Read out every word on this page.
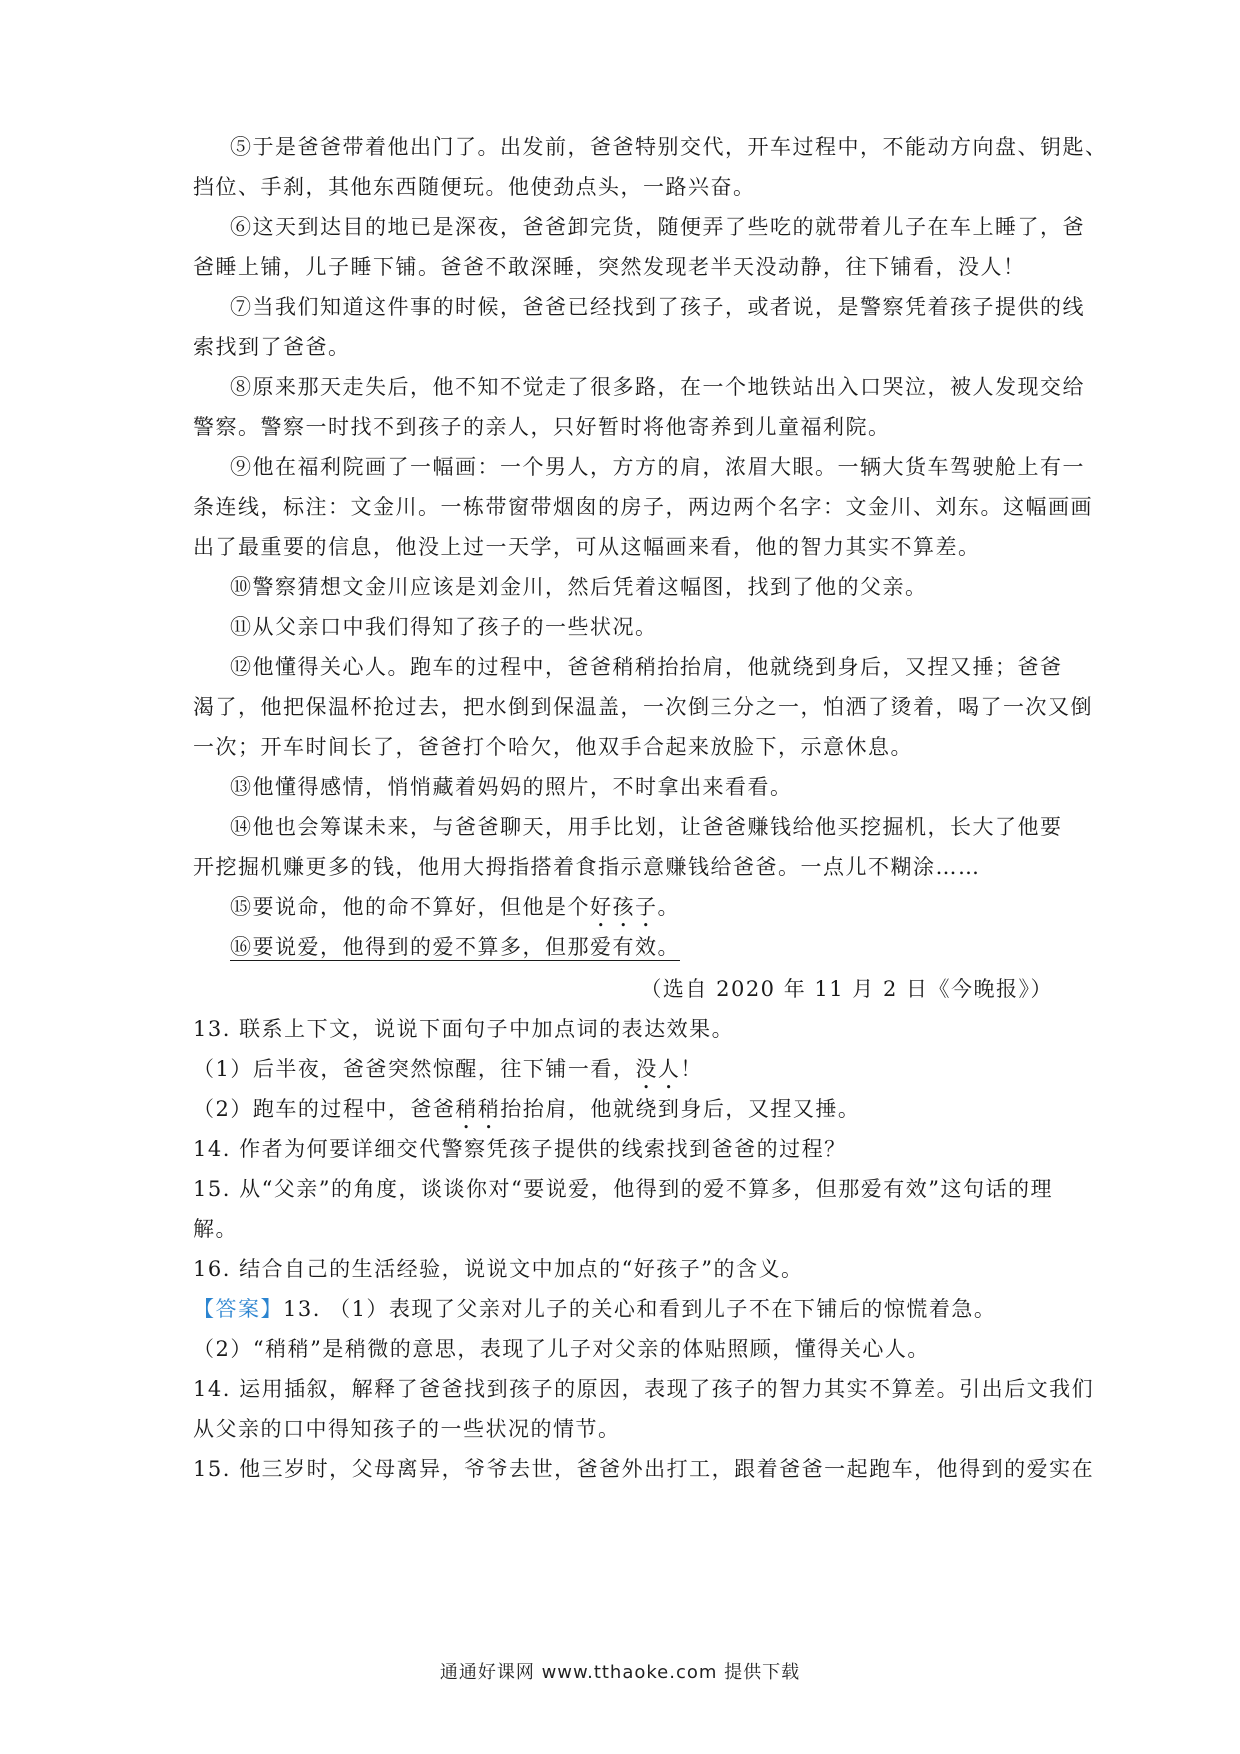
⑤于是爸爸带着他出门了。出发前，爸爸特别交代，开车过程中，不能动方向盘、钥匙、

挡位、手刹，其他东西随便玩。他使劲点头，一路兴奋。

⑥这天到达目的地已是深夜，爸爸卸完货，随便弄了些吃的就带着儿子在车上睡了，爸

爸睡上铺，儿子睡下铺。爸爸不敢深睡，突然发现老半天没动静，往下铺看，没人！

⑦当我们知道这件事的时候，爸爸已经找到了孩子，或者说，是警察凭着孩子提供的线

索找到了爸爸。

⑧原来那天走失后，他不知不觉走了很多路，在一个地铁站出入口哭泣，被人发现交给

警察。警察一时找不到孩子的亲人，只好暂时将他寄养到儿童福利院。

⑨他在福利院画了一幅画：一个男人，方方的肩，浓眉大眼。一辆大货车驾驶舱上有一

条连线，标注：文金川。一栋带窗带烟囱的房子，两边两个名字：文金川、刘东。这幅画画

出了最重要的信息，他没上过一天学，可从这幅画来看，他的智力其实不算差。

⑩警察猜想文金川应该是刘金川，然后凭着这幅图，找到了他的父亲。

⑪从父亲口中我们得知了孩子的一些状况。

⑫他懂得关心人。跑车的过程中，爸爸稍稍抬抬肩，他就绕到身后，又捏又捶；爸爸

渴了，他把保温杯抢过去，把水倒到保温盖，一次倒三分之一，怕洒了烫着，喝了一次又倒

一次；开车时间长了，爸爸打个哈欠，他双手合起来放脸下，示意休息。

⑬他懂得感情，悄悄藏着妈妈的照片，不时拿出来看看。

⑭他也会筹谋未来，与爸爸聊天，用手比划，让爸爸赚钱给他买挖掘机，长大了他要

开挖掘机赚更多的钱，他用大拇指搭着食指示意赚钱给爸爸。一点儿不糊涂……

⑮要说命，他的命不算好，但他是个好孩子。

⑯要说爱，他得到的爱不算多，但那爱有效。

（选自 2020 年 11 月 2 日《今晚报》）

13. 联系上下文，说说下面句子中加点词的表达效果。

（1）后半夜，爸爸突然惊醒，往下铺一看，没人！

（2）跑车的过程中，爸爸稍稍抬抬肩，他就绕到身后，又捏又捶。

14. 作者为何要详细交代警察凭孩子提供的线索找到爸爸的过程？

15. 从“父亲”的角度，谈谈你对“要说爱，他得到的爱不算多，但那爱有效”这句话的理

解。

16. 结合自己的生活经验，说说文中加点的“好孩子”的含义。

【答案】13. （1）表现了父亲对儿子的关心和看到儿子不在下铺后的惊慌着急。

（2）“稍稍”是稍微的意思，表现了儿子对父亲的体贴照顾，懂得关心人。

14. 运用插叙，解释了爸爸找到孩子的原因，表现了孩子的智力其实不算差。引出后文我们

从父亲的口中得知孩子的一些状况的情节。

15. 他三岁时，父母离异，爷爷去世，爸爸外出打工，跟着爸爸一起跑车，他得到的爱实在

通通好课网 www.tthaoke.com 提供下载
